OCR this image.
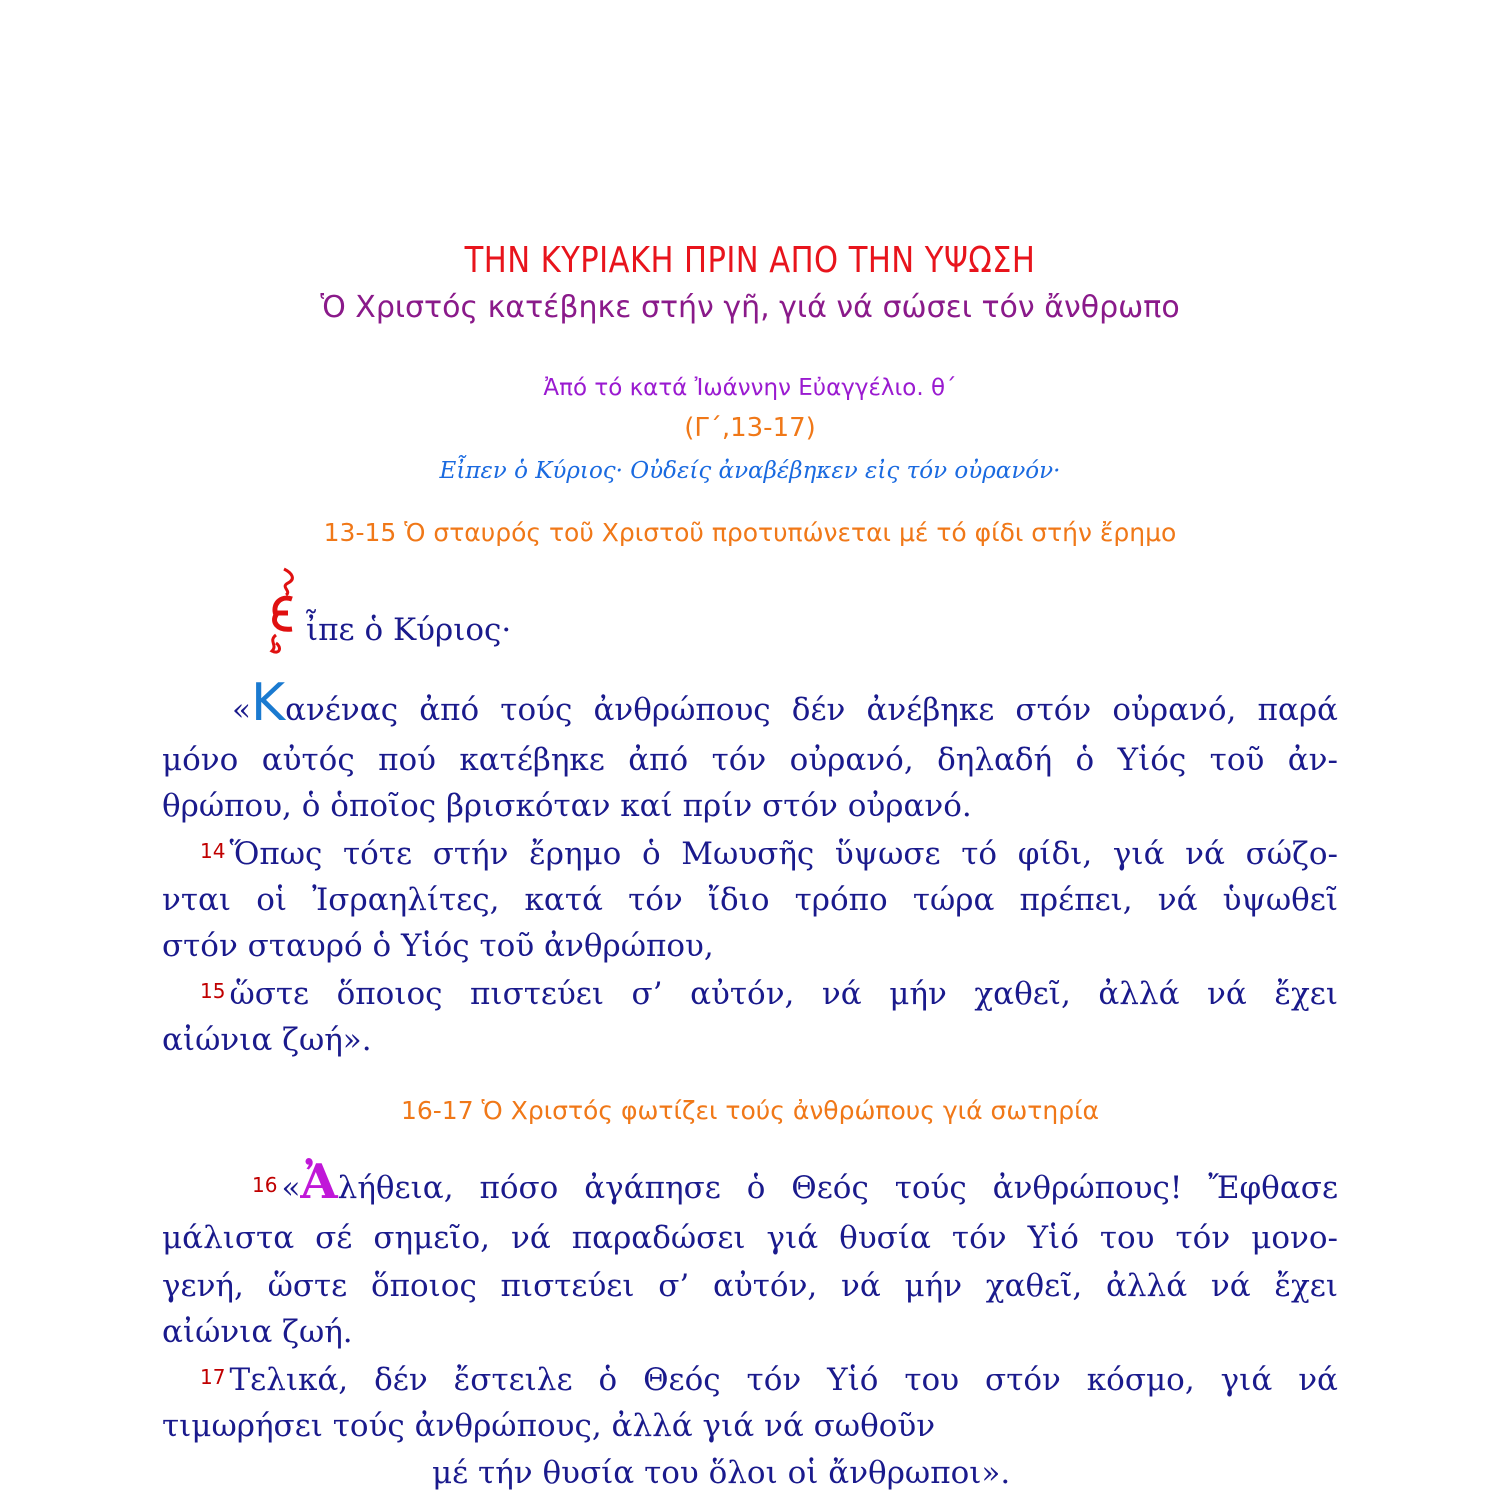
ΤΗΝ ΚΥΡΙΑΚΗ ΠΡΙΝ ΑΠΟ ΤΗΝ ΥΨΩΣΗ
Ὁ Χριστός κατέβηκε στήν γῆ, γιά νά σώσει τόν ἄνθρωπο
Ἀπό τό κατά Ἰωάννην Εὐαγγέλιο. θ΄
(Γ΄,13-17)
Εἶπεν ὁ Κύριος· Οὐδείς ἀναβέβηκεν εἰς τόν οὐρανόν·
13-15 Ὁ σταυρός τοῦ Χριστοῦ προτυπώνεται μέ τό φίδι στήν ἔρημο
ἶπε ὁ Κύριος·
«Κανένας ἀπό τούς ἀνθρώπους δέν ἀνέβηκε στόν οὐρανό, παρά
μόνο αὐτός πού κατέβηκε ἀπό τόν οὐρανό, δηλαδή ὁ Υἱός τοῦ ἀν-
θρώπου, ὁ ὁποῖος βρισκόταν καί πρίν στόν οὐρανό.
14 Ὅπως τότε στήν ἔρημο ὁ Μωυσῆς ὕψωσε τό φίδι, γιά νά σώζο-
νται οἱ Ἰσραηλίτες, κατά τόν ἴδιο τρόπο τώρα πρέπει, νά ὑψωθεῖ
στόν σταυρό ὁ Υἱός τοῦ ἀνθρώπου,
15 ὥστε ὅποιος πιστεύει σ’ αὐτόν, νά μήν χαθεῖ, ἀλλά νά ἔχει
αἰώνια ζωή».
16-17 Ὁ Χριστός φωτίζει τούς ἀνθρώπους γιά σωτηρία
16 «Ἀλήθεια, πόσο ἀγάπησε ὁ Θεός τούς ἀνθρώπους! Ἔφθασε
μάλιστα σέ σημεῖο, νά παραδώσει γιά θυσία τόν Υἱό του τόν μονο-
γενή, ὥστε ὅποιος πιστεύει σ’ αὐτόν, νά μήν χαθεῖ, ἀλλά νά ἔχει
αἰώνια ζωή.
17 Τελικά, δέν ἔστειλε ὁ Θεός τόν Υἱό του στόν κόσμο, γιά νά
τιμωρήσει τούς ἀνθρώπους, ἀλλά γιά νά σωθοῦν
μέ τήν θυσία του ὅλοι οἱ ἄνθρωποι».
